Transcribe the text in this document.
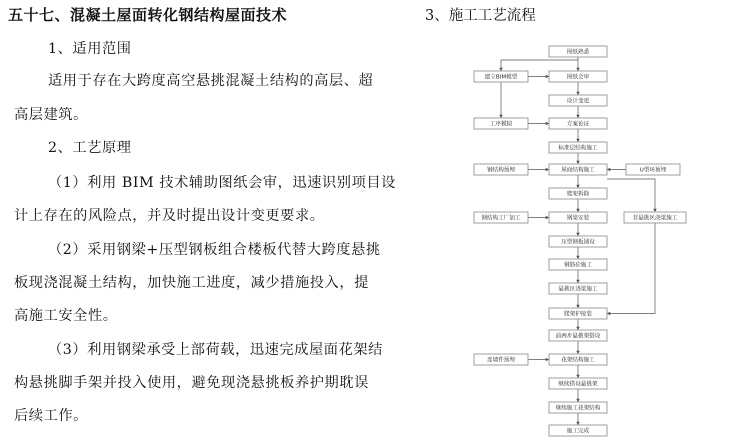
五十七、混凝土屋面转化钢结构屋面技术
1、适用范围
适用于存在大跨度高空悬挑混凝土结构的高层、超
高层建筑。
2、工艺原理
（1）利用 BIM 技术辅助图纸会审，迅速识别项目设
计上存在的风险点，并及时提出设计变更要求。
（2）采用钢梁+压型钢板组合楼板代替大跨度悬挑
板现浇混凝土结构，加快施工进度，减少措施投入，提
高施工安全性。
（3）利用钢梁承受上部荷载，迅速完成屋面花架结
构悬挑脚手架并投入使用，避免现浇悬挑板养护期耽误
后续工作。
3、施工工艺流程
图纸熟悉
图纸会审
设计变更
方案论证
标准层结构施工
屋面结构施工
爬架拆除
钢梁安装
压型钢板铺设
钢筋砼施工
悬挑区浇梁施工
爬架护接装
前两步悬挑架搭设
花架结构施工
继续搭设悬挑架
继续施工花架结构
施工完成
建立BIM模型
工序模拟
钢结构预埋	U型环预埋
钢结构工厂加工	非悬挑区浇梁施工
连墙件预埋
